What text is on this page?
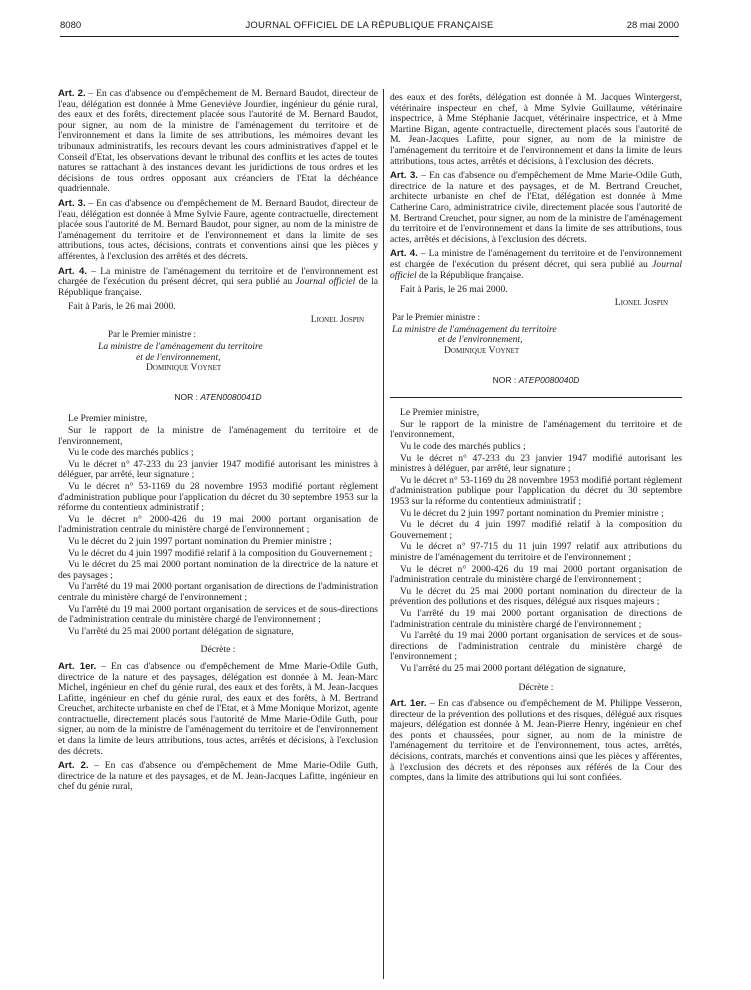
8080	JOURNAL OFFICIEL DE LA RÉPUBLIQUE FRANÇAISE	28 mai 2000

Art. 2. – En cas d'absence ou d'empêchement de M. Bernard Baudot, directeur de l'eau, délégation est donnée à Mme Geneviève Jourdier, ingénieur du génie rural, des eaux et des forêts, directement placée sous l'autorité de M. Bernard Baudot, pour signer, au nom de la ministre de l'aménagement du territoire et de l'environnement et dans la limite de ses attributions, les mémoires devant les tribunaux administratifs, les recours devant les cours administratives d'appel et le Conseil d'Etat, les observations devant le tribunal des conflits et les actes de toutes natures se rattachant à des instances devant les juridictions de tous ordres et les décisions de tous ordres opposant aux créanciers de l'Etat la déchéance quadriennale.

Art. 3. – En cas d'absence ou d'empêchement de M. Bernard Baudot, directeur de l'eau, délégation est donnée à Mme Sylvie Faure, agente contractuelle, directement placée sous l'autorité de M. Bernard Baudot, pour signer, au nom de la ministre de l'aménagement du territoire et de l'environnement et dans la limite de ses attributions, tous actes, décisions, contrats et conventions ainsi que les pièces y afférentes, à l'exclusion des arrêtés et des décrets.

Art. 4. – La ministre de l'aménagement du territoire et de l'environnement est chargée de l'exécution du présent décret, qui sera publié au Journal officiel de la République française.

Fait à Paris, le 26 mai 2000.

Lionel Jospin
Par le Premier ministre :
La ministre de l'aménagement du territoire
et de l'environnement,
Dominique Voynet
NOR : ATEN0080041D

Le Premier ministre,

Sur le rapport de la ministre de l'aménagement du territoire et de l'environnement,

Vu le code des marchés publics ;

Vu le décret n° 47-233 du 23 janvier 1947 modifié autorisant les ministres à déléguer, par arrêté, leur signature ;

Vu le décret n° 53-1169 du 28 novembre 1953 modifié portant règlement d'administration publique pour l'application du décret du 30 septembre 1953 sur la réforme du contentieux administratif ;

Vu le décret n° 2000-426 du 19 mai 2000 portant organisation de l'administration centrale du ministère chargé de l'environnement ;

Vu le décret du 2 juin 1997 portant nomination du Premier ministre ;

Vu le décret du 4 juin 1997 modifié relatif à la composition du Gouvernement ;

Vu le décret du 25 mai 2000 portant nomination de la directrice de la nature et des paysages ;

Vu l'arrêté du 19 mai 2000 portant organisation de directions de l'administration centrale du ministère chargé de l'environnement ;

Vu l'arrêté du 19 mai 2000 portant organisation de services et de sous-directions de l'administration centrale du ministère chargé de l'environnement ;

Vu l'arrêté du 25 mai 2000 portant délégation de signature,

Décrète :

Art. 1er. – En cas d'absence ou d'empêchement de Mme Marie-Odile Guth, directrice de la nature et des paysages, délégation est donnée à M. Jean-Marc Michel, ingénieur en chef du génie rural, des eaux et des forêts, à M. Jean-Jacques Lafitte, ingénieur en chef du génie rural, des eaux et des forêts, à M. Bertrand Creuchet, architecte urbaniste en chef de l'Etat, et à Mme Monique Morizot, agente contractuelle, directement placés sous l'autorité de Mme Marie-Odile Guth, pour signer, au nom de la ministre de l'aménagement du territoire et de l'environnement et dans la limite de leurs attributions, tous actes, arrêtés et décisions, à l'exclusion des décrets.

Art. 2. – En cas d'absence ou d'empêchement de Mme Marie-Odile Guth, directrice de la nature et des paysages, et de M. Jean-Jacques Lafitte, ingénieur en chef du génie rural,

des eaux et des forêts, délégation est donnée à M. Jacques Wintergerst, vétérinaire inspecteur en chef, à Mme Sylvie Guillaume, vétérinaire inspectrice, à Mme Stéphanie Jacquet, vétérinaire inspectrice, et à Mme Martine Bigan, agente contractuelle, directement placés sous l'autorité de M. Jean-Jacques Lafitte, pour signer, au nom de la ministre de l'aménagement du territoire et de l'environnement et dans la limite de leurs attributions, tous actes, arrêtés et décisions, à l'exclusion des décrets.

Art. 3. – En cas d'absence ou d'empêchement de Mme Marie-Odile Guth, directrice de la nature et des paysages, et de M. Bertrand Creuchet, architecte urbaniste en chef de l'Etat, délégation est donnée à Mme Catherine Caro, administratrice civile, directement placée sous l'autorité de M. Bertrand Creuchet, pour signer, au nom de la ministre de l'aménagement du territoire et de l'environnement et dans la limite de ses attributions, tous actes, arrêtés et décisions, à l'exclusion des décrets.

Art. 4. – La ministre de l'aménagement du territoire et de l'environnement est chargée de l'exécution du présent décret, qui sera publié au Journal officiel de la République française.

Fait à Paris, le 26 mai 2000.

Lionel Jospin
Par le Premier ministre :
La ministre de l'aménagement du territoire
et de l'environnement,
Dominique Voynet
NOR : ATEP0080040D

Le Premier ministre,

Sur le rapport de la ministre de l'aménagement du territoire et de l'environnement,

Vu le code des marchés publics ;

Vu le décret n° 47-233 du 23 janvier 1947 modifié autorisant les ministres à déléguer, par arrêté, leur signature ;

Vu le décret n° 53-1169 du 28 novembre 1953 modifié portant règlement d'administration publique pour l'application du décret du 30 septembre 1953 sur la réforme du contentieux administratif ;

Vu le décret du 2 juin 1997 portant nomination du Premier ministre ;

Vu le décret du 4 juin 1997 modifié relatif à la composition du Gouvernement ;

Vu le décret n° 97-715 du 11 juin 1997 relatif aux attributions du ministre de l'aménagement du territoire et de l'environnement ;

Vu le décret n° 2000-426 du 19 mai 2000 portant organisation de l'administration centrale du ministère chargé de l'environnement ;

Vu le décret du 25 mai 2000 portant nomination du directeur de la prévention des pollutions et des risques, délégué aux risques majeurs ;

Vu l'arrêté du 19 mai 2000 portant organisation de directions de l'administration centrale du ministère chargé de l'environnement ;

Vu l'arrêté du 19 mai 2000 portant organisation de services et de sous-directions de l'administration centrale du ministère chargé de l'environnement ;

Vu l'arrêté du 25 mai 2000 portant délégation de signature,

Décrète :

Art. 1er. – En cas d'absence ou d'empêchement de M. Philippe Vesseron, directeur de la prévention des pollutions et des risques, délégué aux risques majeurs, délégation est donnée à M. Jean-Pierre Henry, ingénieur en chef des ponts et chaussées, pour signer, au nom de la ministre de l'aménagement du territoire et de l'environnement, tous actes, arrêtés, décisions, contrats, marchés et conventions ainsi que les pièces y afférentes, à l'exclusion des décrets et des réponses aux référés de la Cour des comptes, dans la limite des attributions qui lui sont confiées.
